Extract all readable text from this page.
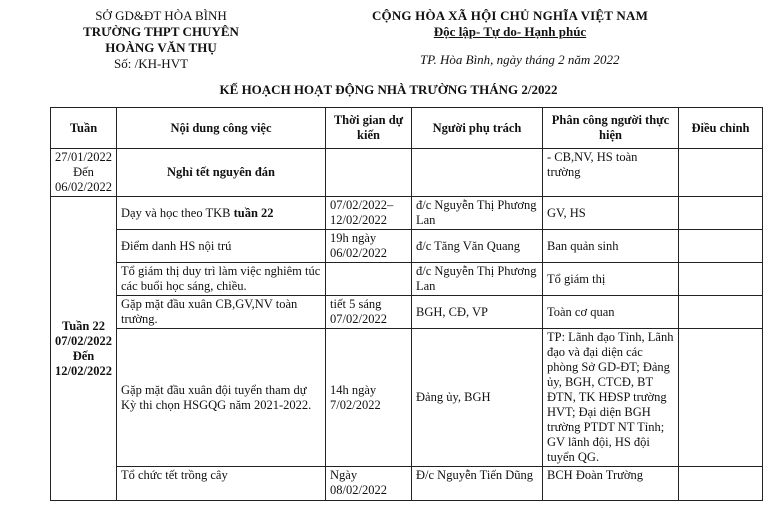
SỞ GD&ĐT HÒA BÌNH
TRƯỜNG THPT CHUYÊN HOÀNG VĂN THỤ
Số: /KH-HVT
CỘNG HÒA XÃ HỘI CHỦ NGHĨA VIỆT NAM
Độc lập- Tự do- Hạnh phúc
TP. Hòa Bình, ngày tháng 2 năm 2022
KẾ HOẠCH HOẠT ĐỘNG NHÀ TRƯỜNG THÁNG 2/2022
Tuần	Nội dung công việc	Thời gian dự kiến	Người phụ trách	Phân công người thực hiện	Điều chỉnh
27/01/2022 Đến 06/02/2022	Nghỉ tết nguyên đán			- CB,NV, HS toàn trường	
Tuần 22 07/02/2022 Đến 12/02/2022	Dạy và học theo TKB tuần 22	07/02/2022– 12/02/2022	đ/c Nguyễn Thị Phương Lan	GV, HS	
	Điểm danh HS nội trú	19h ngày 06/02/2022	đ/c Tăng Văn Quang	Ban quản sinh	
	Tổ giám thị duy trì làm việc nghiêm túc các buổi học sáng, chiều.		đ/c Nguyễn Thị Phương Lan	Tổ giám thị	
	Gặp mặt đầu xuân CB,GV,NV toàn trường.	tiết 5 sáng 07/02/2022	BGH, CĐ, VP	Toàn cơ quan	
	Gặp mặt đầu xuân đội tuyển tham dự Kỳ thi chọn HSGQG năm 2021-2022.	14h ngày 7/02/2022	Đảng ủy, BGH	TP: Lãnh đạo Tỉnh, Lãnh đạo và đại diện các phòng Sở GD-ĐT; Đảng ủy, BGH, CTCĐ, BT ĐTN, TK HĐSP trường HVT; Đại diện BGH trường PTDT NT Tỉnh; GV lãnh đội, HS đội tuyển QG.	
	Tổ chức tết trồng cây	Ngày 08/02/2022	Đ/c Nguyễn Tiến Dũng	BCH Đoàn Trường	
